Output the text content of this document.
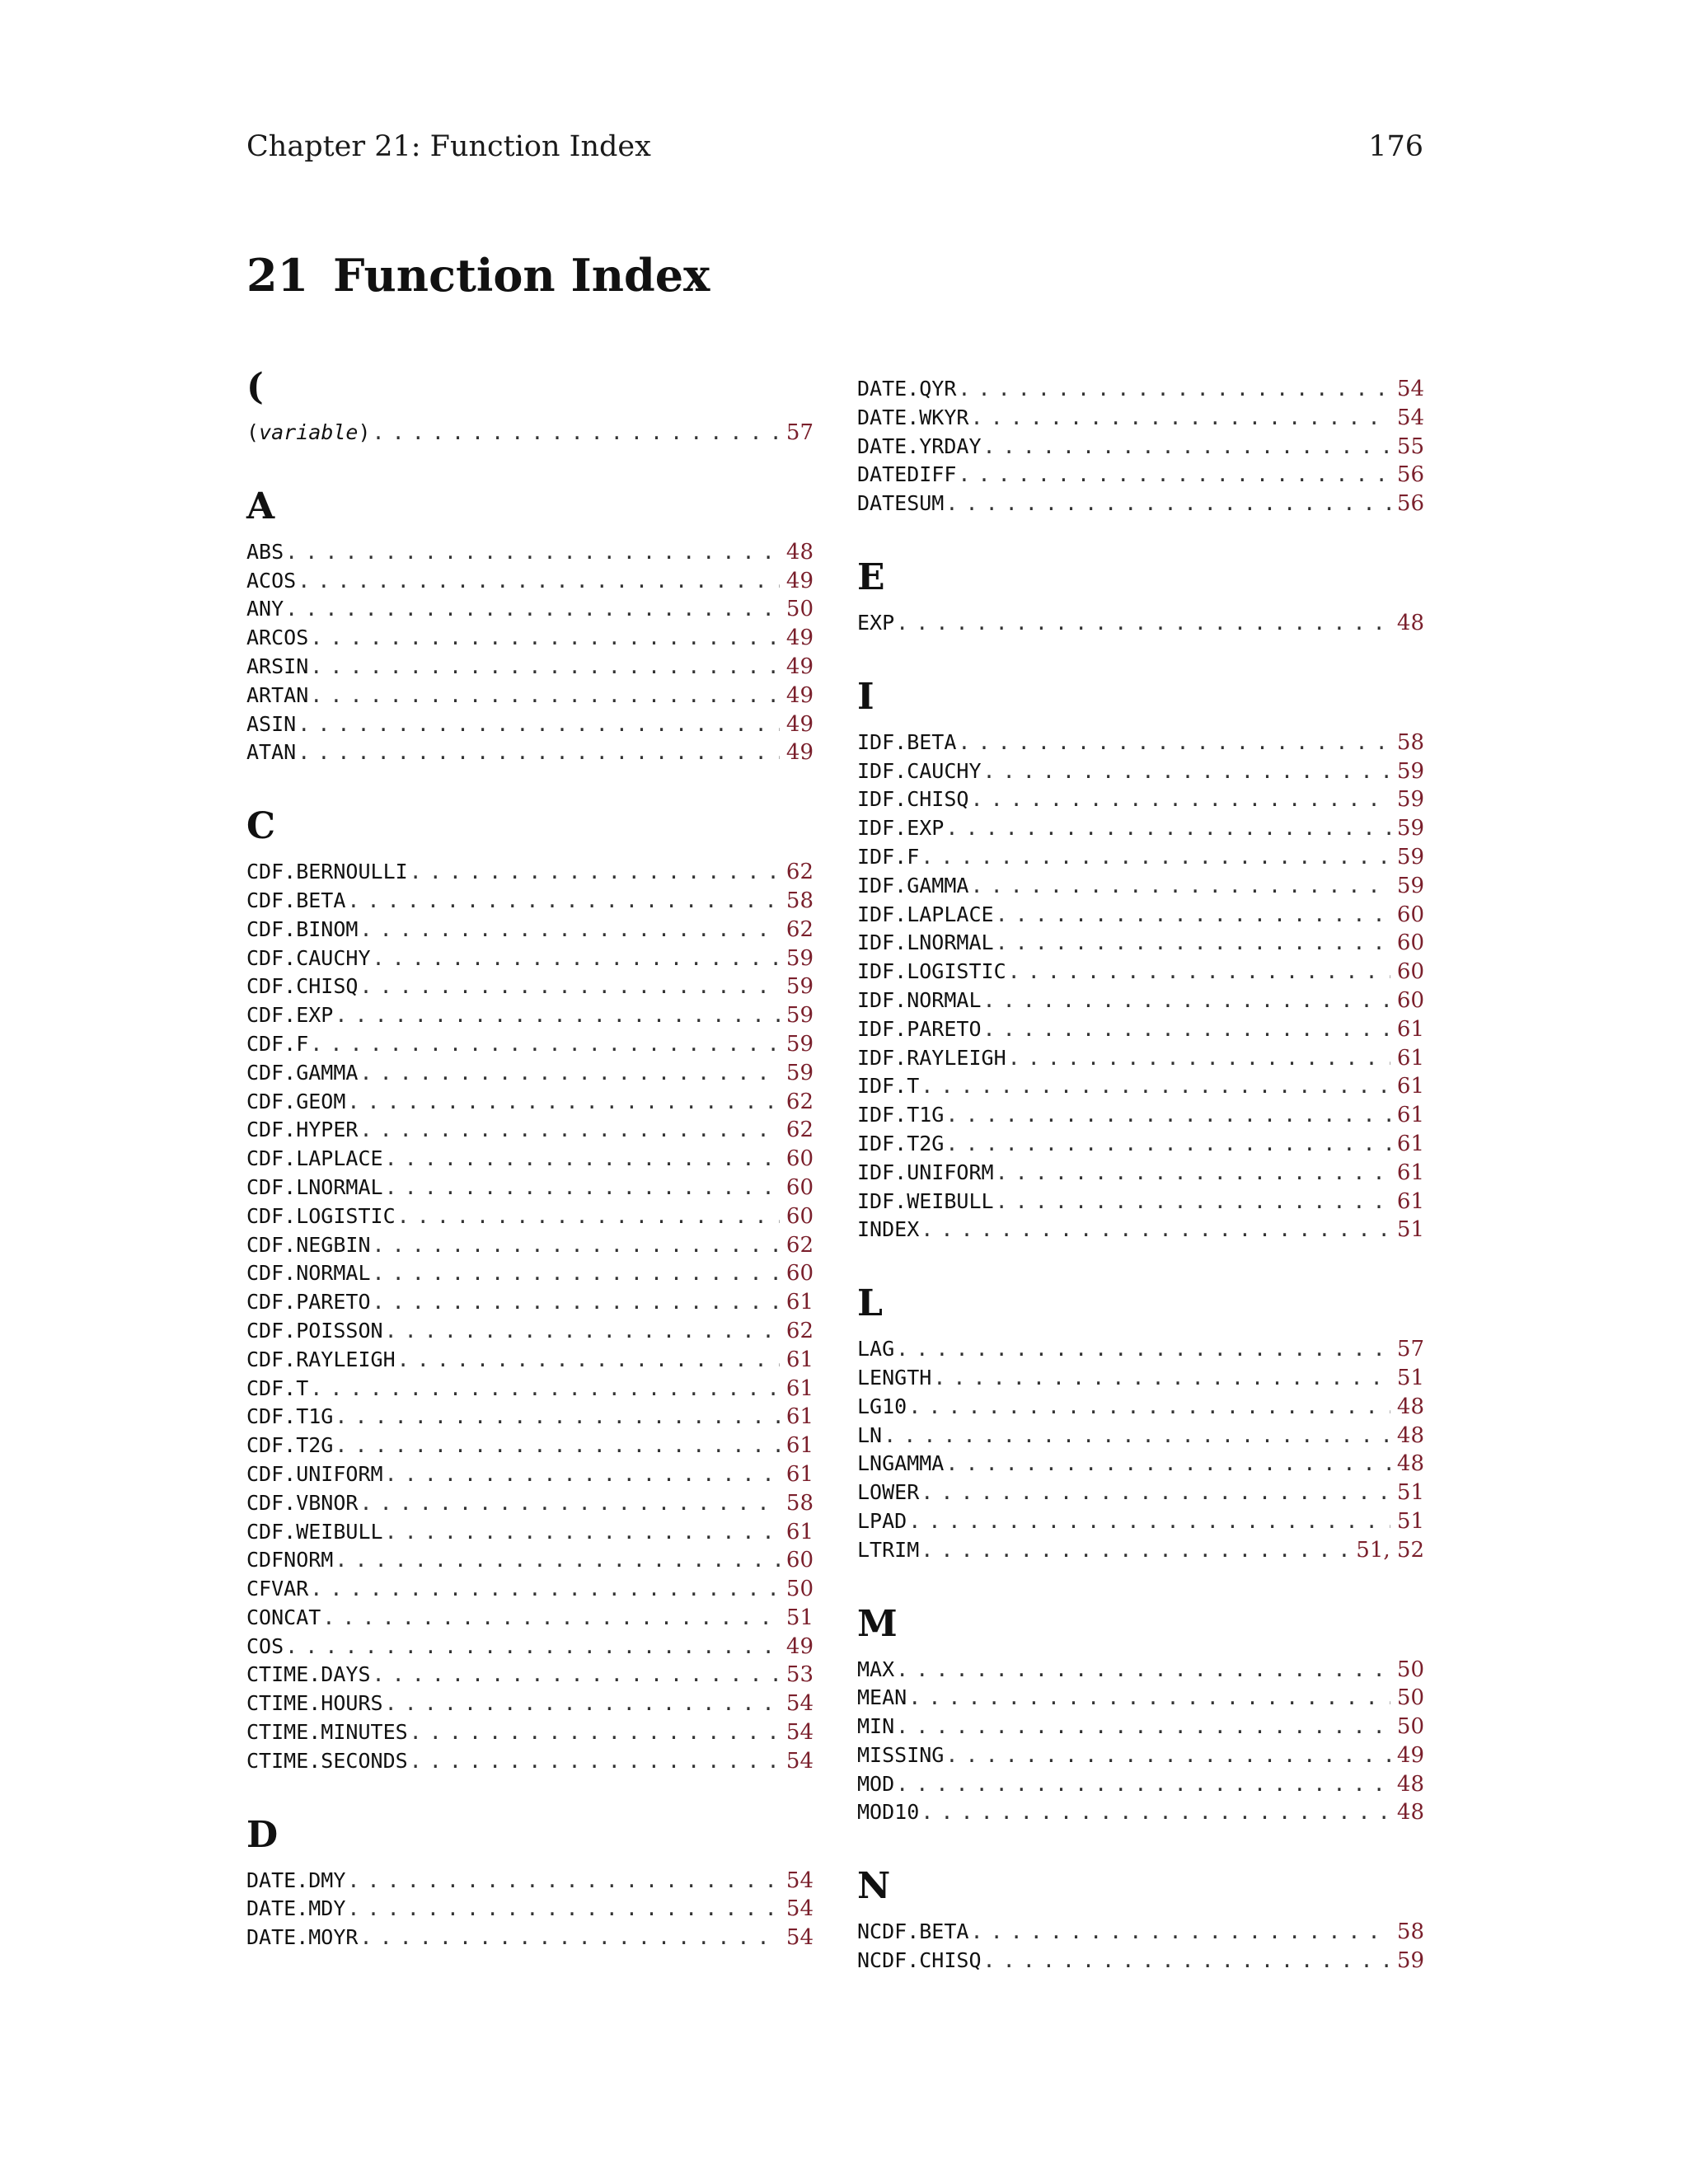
Chapter 21: Function Index	176
21 Function Index
(
(variable) . . .	57
A
ABS . . .	48
ACOS . . .	49
ANY . . .	50
ARCOS . . .	49
ARSIN . . .	49
ARTAN . . .	49
ASIN . . .	49
ATAN . . .	49
C
CDF.BERNOULLI . . .	62
CDF.BETA . . .	58
CDF.BINOM . . .	62
CDF.CAUCHY . . .	59
CDF.CHISQ . . .	59
CDF.EXP . . .	59
CDF.F . . .	59
CDF.GAMMA . . .	59
CDF.GEOM . . .	62
CDF.HYPER . . .	62
CDF.LAPLACE . . .	60
CDF.LNORMAL . . .	60
CDF.LOGISTIC . . .	60
CDF.NEGBIN . . .	62
CDF.NORMAL . . .	60
CDF.PARETO . . .	61
CDF.POISSON . . .	62
CDF.RAYLEIGH . . .	61
CDF.T . . .	61
CDF.T1G . . .	61
CDF.T2G . . .	61
CDF.UNIFORM . . .	61
CDF.VBNOR . . .	58
CDF.WEIBULL . . .	61
CDFNORM . . .	60
CFVAR . . .	50
CONCAT . . .	51
COS . . .	49
CTIME.DAYS . . .	53
CTIME.HOURS . . .	54
CTIME.MINUTES . . .	54
CTIME.SECONDS . . .	54
D
DATE.DMY . . .	54
DATE.MDY . . .	54
DATE.MOYR . . .	54
DATE.QYR . . .	54
DATE.WKYR . . .	54
DATE.YRDAY . . .	55
DATEDIFF . . .	56
DATESUM . . .	56
E
EXP . . .	48
I
IDF.BETA . . .	58
IDF.CAUCHY . . .	59
IDF.CHISQ . . .	59
IDF.EXP . . .	59
IDF.F . . .	59
IDF.GAMMA . . .	59
IDF.LAPLACE . . .	60
IDF.LNORMAL . . .	60
IDF.LOGISTIC . . .	60
IDF.NORMAL . . .	60
IDF.PARETO . . .	61
IDF.RAYLEIGH . . .	61
IDF.T . . .	61
IDF.T1G . . .	61
IDF.T2G . . .	61
IDF.UNIFORM . . .	61
IDF.WEIBULL . . .	61
INDEX . . .	51
L
LAG . . .	57
LENGTH . . .	51
LG10 . . .	48
LN . . .	48
LNGAMMA . . .	48
LOWER . . .	51
LPAD . . .	51
LTRIM . . .	51, 52
M
MAX . . .	50
MEAN . . .	50
MIN . . .	50
MISSING . . .	49
MOD . . .	48
MOD10 . . .	48
N
NCDF.BETA . . .	58
NCDF.CHISQ . . .	59
